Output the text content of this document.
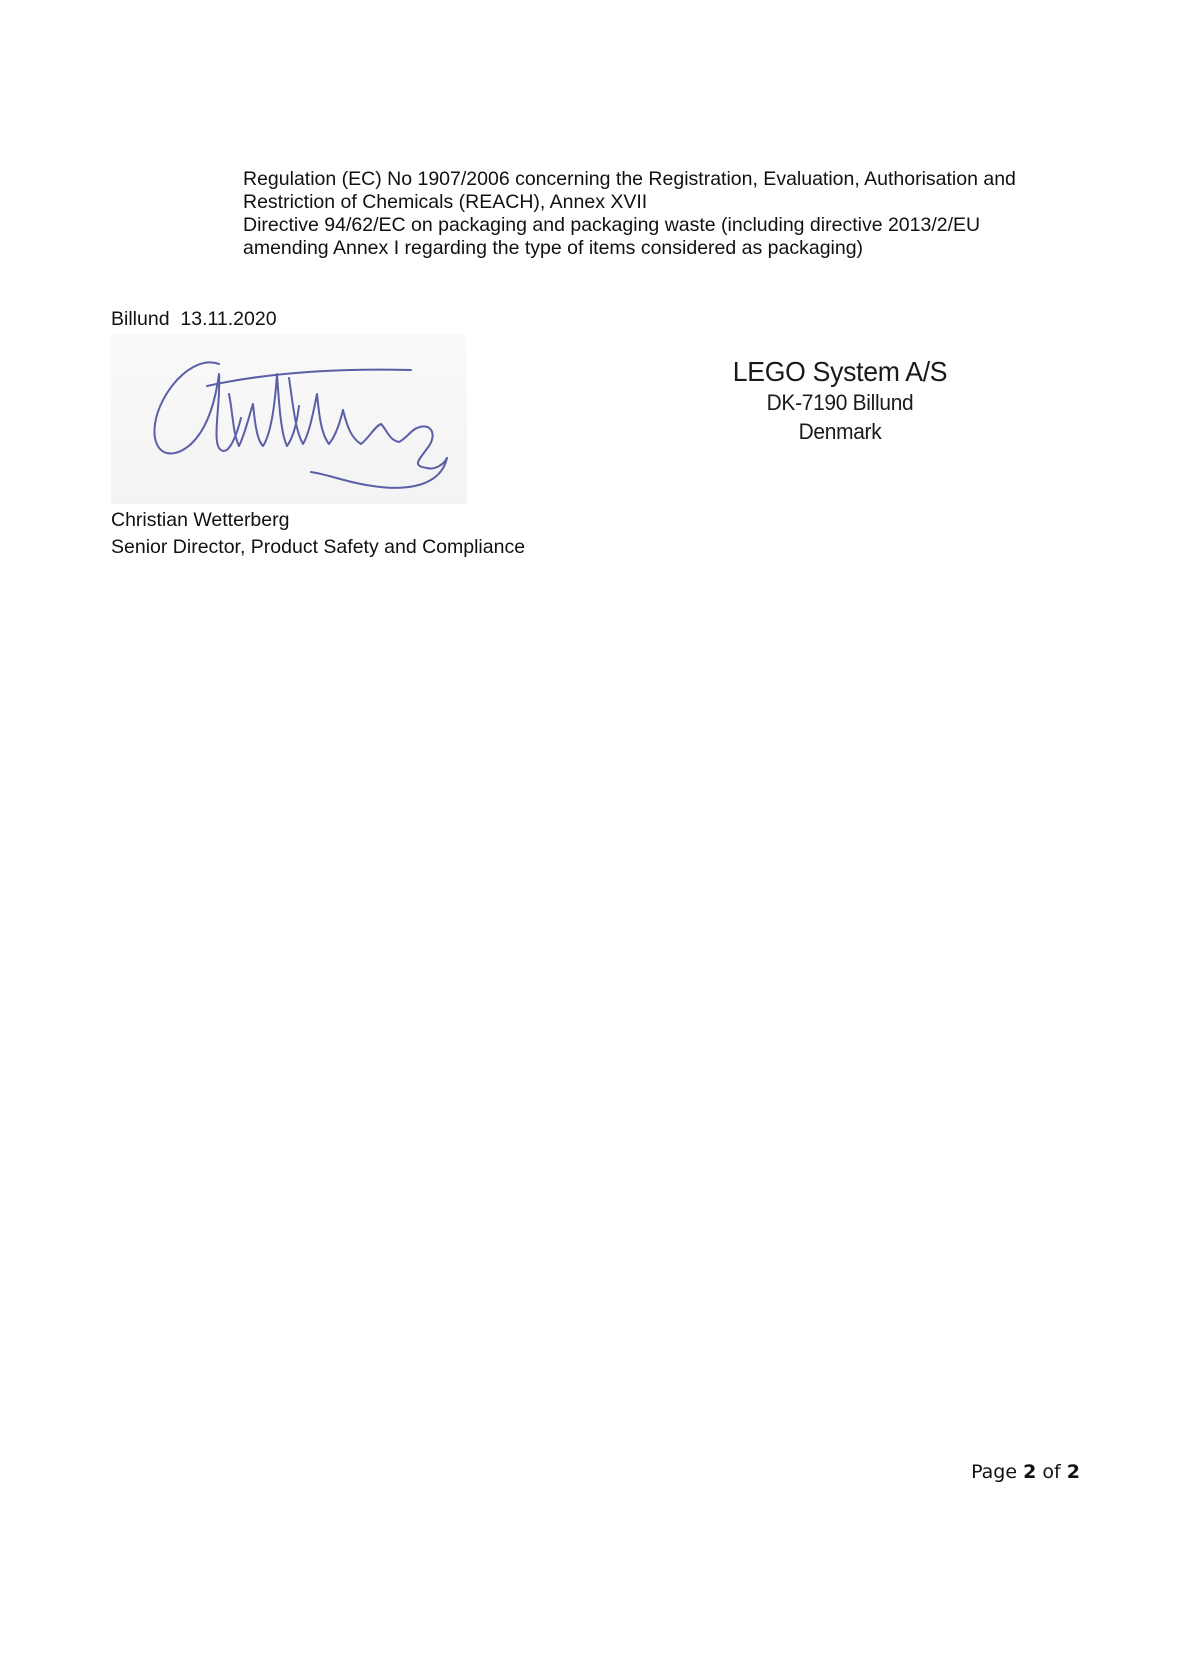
Regulation (EC) No 1907/2006 concerning the Registration, Evaluation, Authorisation and
Restriction of Chemicals (REACH), Annex XVII
Directive 94/62/EC on packaging and packaging waste (including directive 2013/2/EU
amending Annex I regarding the type of items considered as packaging)
Billund 13.11.2020
Christian Wetterberg
Senior Director, Product Safety and Compliance
LEGO System A/S
DK-7190 Billund
Denmark
Page 2 of 2
